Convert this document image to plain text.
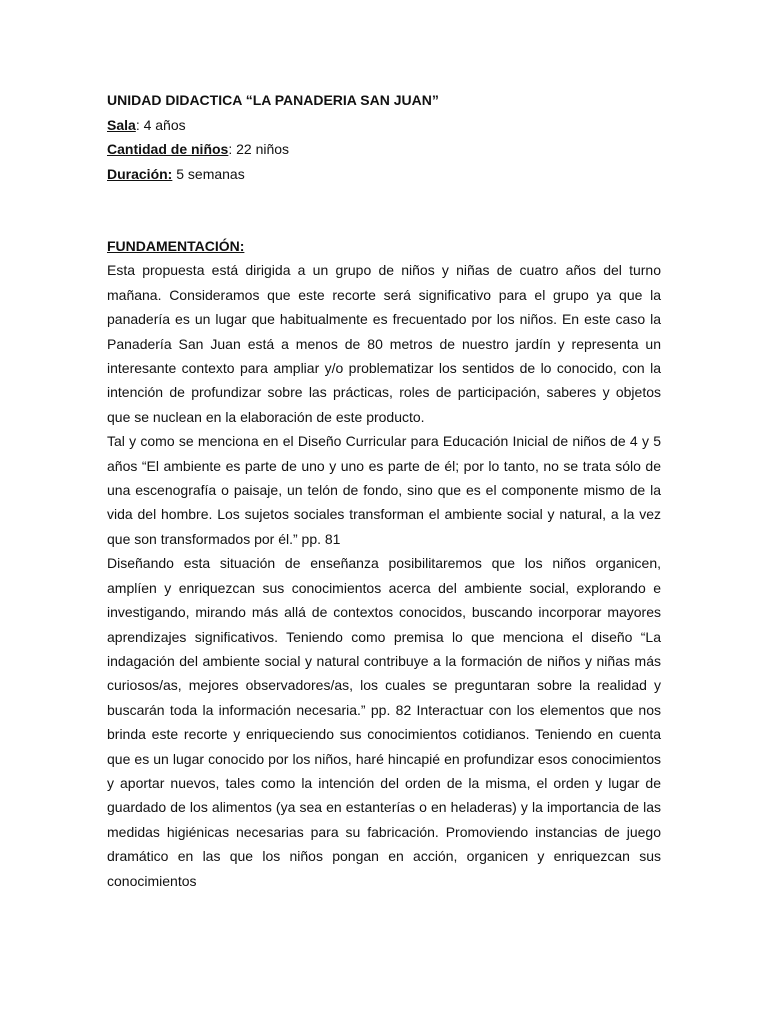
UNIDAD DIDACTICA “LA PANADERIA SAN JUAN”

Sala: 4 años

Cantidad de niños: 22 niños

Duración: 5 semanas

FUNDAMENTACIÓN:

Esta propuesta está dirigida a un grupo de niños y niñas de cuatro años del turno mañana. Consideramos que este recorte será significativo para el grupo ya que la panadería es un lugar que habitualmente es frecuentado por los niños. En este caso la Panadería San Juan está a menos de 80 metros de nuestro jardín y representa un interesante contexto para ampliar y/o problematizar los sentidos de lo conocido, con la intención de profundizar sobre las prácticas, roles de participación, saberes y objetos que se nuclean en la elaboración de este producto.

Tal y como se menciona en el Diseño Curricular para Educación Inicial de niños de 4 y 5 años “El ambiente es parte de uno y uno es parte de él; por lo tanto, no se trata sólo de una escenografía o paisaje, un telón de fondo, sino que es el componente mismo de la vida del hombre. Los sujetos sociales transforman el ambiente social y natural, a la vez que son transformados por él.” pp. 81

Diseñando esta situación de enseñanza posibilitaremos que los niños organicen, amplíen y enriquezcan sus conocimientos acerca del ambiente social, explorando e investigando, mirando más allá de contextos conocidos, buscando incorporar mayores aprendizajes significativos. Teniendo como premisa lo que menciona el diseño “La indagación del ambiente social y natural contribuye a la formación de niños y niñas más curiosos/as, mejores observadores/as, los cuales se preguntaran sobre la realidad y buscarán toda la información necesaria.” pp. 82 Interactuar con los elementos que nos brinda este recorte y enriqueciendo sus conocimientos cotidianos. Teniendo en cuenta que es un lugar conocido por los niños, haré hincapié en profundizar esos conocimientos y aportar nuevos, tales como la intención del orden de la misma, el orden y lugar de guardado de los alimentos (ya sea en estanterías o en heladeras) y la importancia de las medidas higiénicas necesarias para su fabricación. Promoviendo instancias de juego dramático en las que los niños pongan en acción, organicen y enriquezcan sus conocimientos
